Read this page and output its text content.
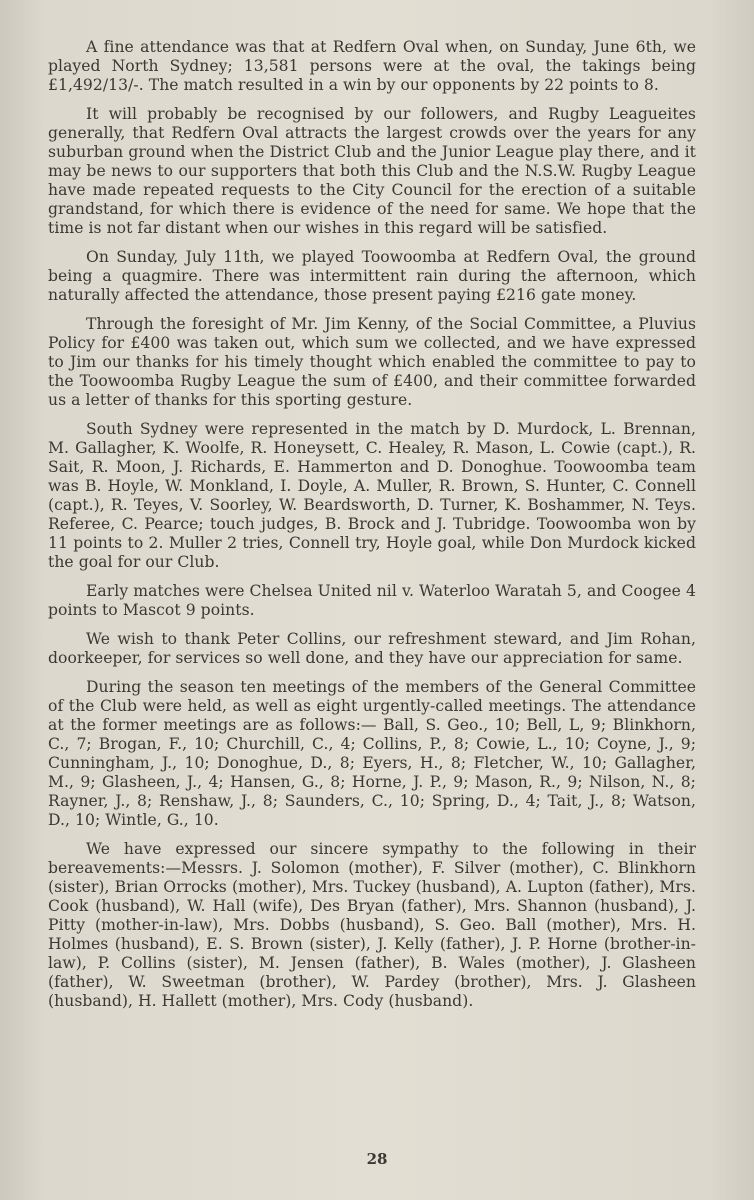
A fine attendance was that at Redfern Oval when, on Sunday, June 6th, we played North Sydney; 13,581 persons were at the oval, the takings being £1,492/13/-. The match resulted in a win by our opponents by 22 points to 8.

It will probably be recognised by our followers, and Rugby Leagueites generally, that Redfern Oval attracts the largest crowds over the years for any suburban ground when the District Club and the Junior League play there, and it may be news to our supporters that both this Club and the N.S.W. Rugby League have made repeated requests to the City Council for the erection of a suitable grandstand, for which there is evidence of the need for same. We hope that the time is not far distant when our wishes in this regard will be satisfied.

On Sunday, July 11th, we played Toowoomba at Redfern Oval, the ground being a quagmire. There was intermittent rain during the afternoon, which naturally affected the attendance, those present paying £216 gate money.

Through the foresight of Mr. Jim Kenny, of the Social Committee, a Pluvius Policy for £400 was taken out, which sum we collected, and we have expressed to Jim our thanks for his timely thought which enabled the committee to pay to the Toowoomba Rugby League the sum of £400, and their committee forwarded us a letter of thanks for this sporting gesture.

South Sydney were represented in the match by D. Murdock, L. Brennan, M. Gallagher, K. Woolfe, R. Honeysett, C. Healey, R. Mason, L. Cowie (capt.), R. Sait, R. Moon, J. Richards, E. Hammerton and D. Donoghue. Toowoomba team was B. Hoyle, W. Monkland, I. Doyle, A. Muller, R. Brown, S. Hunter, C. Connell (capt.), R. Teyes, V. Soorley, W. Beardsworth, D. Turner, K. Boshammer, N. Teys. Referee, C. Pearce; touch judges, B. Brock and J. Tubridge. Toowoomba won by 11 points to 2. Muller 2 tries, Connell try, Hoyle goal, while Don Murdock kicked the goal for our Club.

Early matches were Chelsea United nil v. Waterloo Waratah 5, and Coogee 4 points to Mascot 9 points.

We wish to thank Peter Collins, our refreshment steward, and Jim Rohan, doorkeeper, for services so well done, and they have our appreciation for same.

During the season ten meetings of the members of the General Committee of the Club were held, as well as eight urgently-called meetings. The attendance at the former meetings are as follows:— Ball, S. Geo., 10; Bell, L, 9; Blinkhorn, C., 7; Brogan, F., 10; Churchill, C., 4; Collins, P., 8; Cowie, L., 10; Coyne, J., 9; Cunningham, J., 10; Donoghue, D., 8; Eyers, H., 8; Fletcher, W., 10; Gallagher, M., 9; Glasheen, J., 4; Hansen, G., 8; Horne, J. P., 9; Mason, R., 9; Nilson, N., 8; Rayner, J., 8; Renshaw, J., 8; Saunders, C., 10; Spring, D., 4; Tait, J., 8; Watson, D., 10; Wintle, G., 10.

We have expressed our sincere sympathy to the following in their bereavements:—Messrs. J. Solomon (mother), F. Silver (mother), C. Blinkhorn (sister), Brian Orrocks (mother), Mrs. Tuckey (husband), A. Lupton (father), Mrs. Cook (husband), W. Hall (wife), Des Bryan (father), Mrs. Shannon (husband), J. Pitty (mother-in-law), Mrs. Dobbs (husband), S. Geo. Ball (mother), Mrs. H. Holmes (husband), E. S. Brown (sister), J. Kelly (father), J. P. Horne (brother-in-law), P. Collins (sister), M. Jensen (father), B. Wales (mother), J. Glasheen (father), W. Sweetman (brother), W. Pardey (brother), Mrs. J. Glasheen (husband), H. Hallett (mother), Mrs. Cody (husband).

28
